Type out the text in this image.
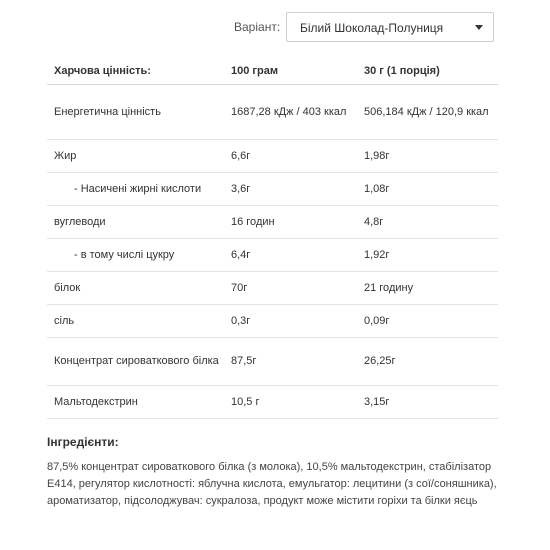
Варіант: Білий Шоколад-Полуниця
Харчова цінність:	100 грам	30 г (1 порція)
Енергетична цінність	1687,28 кДж / 403 ккал	506,184 кДж / 120,9 ккал
Жир	6,6г	1,98г
- Насичені жирні кислоти	3,6г	1,08г
вуглеводи	16 годин	4,8г
- в тому числі цукру	6,4г	1,92г
білок	70г	21 годину
сіль	0,3г	0,09г
Концентрат сироваткового білка	87,5г	26,25г
Мальтодекстрин	10,5 г	3,15г
Інгредієнти:
87,5% концентрат сироваткового білка (з молока), 10,5% мальтодекстрин, стабілізатор E414, регулятор кислотності: яблучна кислота, емульгатор: лецитини (з сої/соняшника), ароматизатор, підсолоджувач: сукралоза, продукт може містити горіхи та білки яєць
